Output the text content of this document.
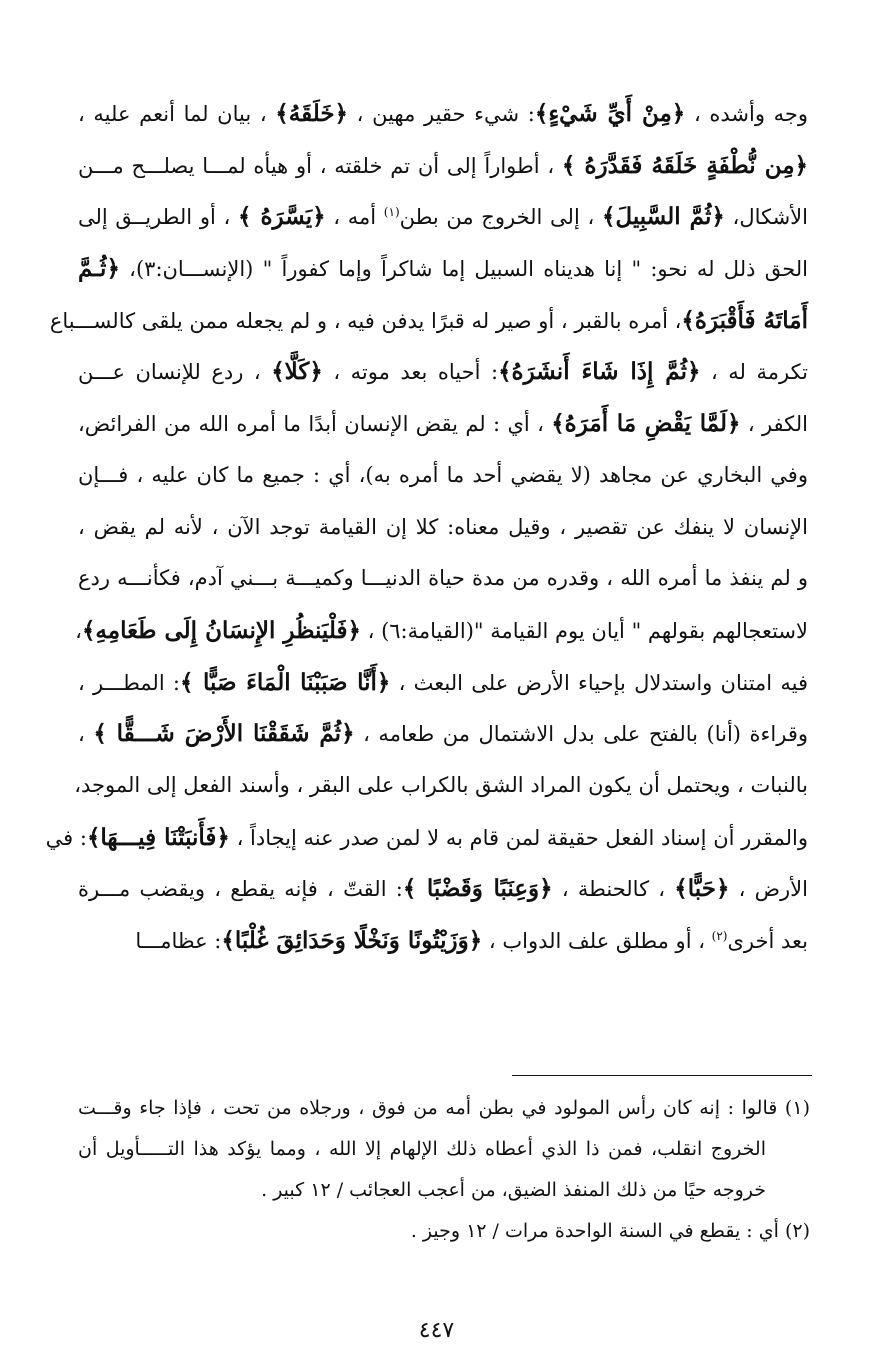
وجه وأشده ، ﴿مِنْ أَيِّ شَيْءٍ﴾: شيء حقير مهين ، ﴿خَلَقَهُ﴾ ، بيان لما أنعم عليه ،
﴿مِن نُّطْفَةٍ خَلَقَهُ فَقَدَّرَهُ ﴾ ، أطواراً إلى أن تم خلقته ، أو هيأه لمـــا يصلـــح مـــن
الأشكال، ﴿ثُمَّ السَّبِيلَ﴾ ، إلى الخروج من بطن$^{(١)}$ أمه ، ﴿يَسَّرَهُ ﴾ ، أو الطريــق إلى
الحق ذلل له نحو: " إنا هديناه السبيل إما شاكراً وإما كفوراً " (الإنســـان:٣)، ﴿ثُـمَّ
أَمَاتَهُ فَأَقْبَرَهُ﴾، أمره بالقبر ، أو صير له قبرًا يدفن فيه ، و لم يجعله ممن يلقى كالســـباع
تكرمة له ، ﴿ثُمَّ إِذَا شَاءَ أَنشَرَهُ﴾: أحياه بعد موته ، ﴿كَلَّا﴾ ، ردع للإنسان عـــن
الكفر ، ﴿لَمَّا يَقْضِ مَا أَمَرَهُ﴾ ، أي : لم يقض الإنسان أبدًا ما أمره الله من الفرائض،
وفي البخاري عن مجاهد (لا يقضي أحد ما أمره به)، أي : جميع ما كان عليه ، فـــإن
الإنسان لا ينفك عن تقصير ، وقيل معناه: كلا إن القيامة توجد الآن ، لأنه لم يقض ،
و لم ينفذ ما أمره الله ، وقدره من مدة حياة الدنيـــا وكميـــة بـــني آدم، فكأنـــه ردع
لاستعجالهم بقولهم " أيان يوم القيامة "(القيامة:٦) ، ﴿فَلْيَنظُرِ الإِنسَانُ إِلَى طَعَامِهِ﴾،
فيه امتنان واستدلال بإحياء الأرض على البعث ، ﴿أَنَّا صَبَبْنَا الْمَاءَ صَبًّا ﴾: المطـــر ،
وقراءة (أنا) بالفتح على بدل الاشتمال من طعامه ، ﴿ثُمَّ شَقَقْنَا الأَرْضَ شَـــقًّا ﴾ ،
بالنبات ، ويحتمل أن يكون المراد الشق بالكراب على البقر ، وأسند الفعل إلى الموجد،
والمقرر أن إسناد الفعل حقيقة لمن قام به لا لمن صدر عنه إيجاداً ، ﴿فَأَنبَتْنَا فِيـــهَا﴾: في
الأرض ، ﴿حَبًّا﴾ ، كالحنطة ، ﴿وَعِنَبًا وَقَضْبًا ﴾: القتّ ، فإنه يقطع ، ويقضب مـــرة
بعد أخرى$^{(٢)}$ ، أو مطلق علف الدواب ، ﴿وَزَيْتُونًا وَنَخْلًا وَحَدَائِقَ غُلْبًا﴾: عظامـــا
(١) قالوا : إنه كان رأس المولود في بطن أمه من فوق ، ورجلاه من تحت ، فإذا جاء وقـــت
الخروج انقلب، فمن ذا الذي أعطاه ذلك الإلهام إلا الله ، ومما يؤكد هذا التـــــأويل أن
خروجه حيًا من ذلك المنفذ الضيق، من أعجب العجائب / ١٢ كبير .
(٢) أي : يقطع في السنة الواحدة مرات / ١٢ وجيز .
٤٤٧
